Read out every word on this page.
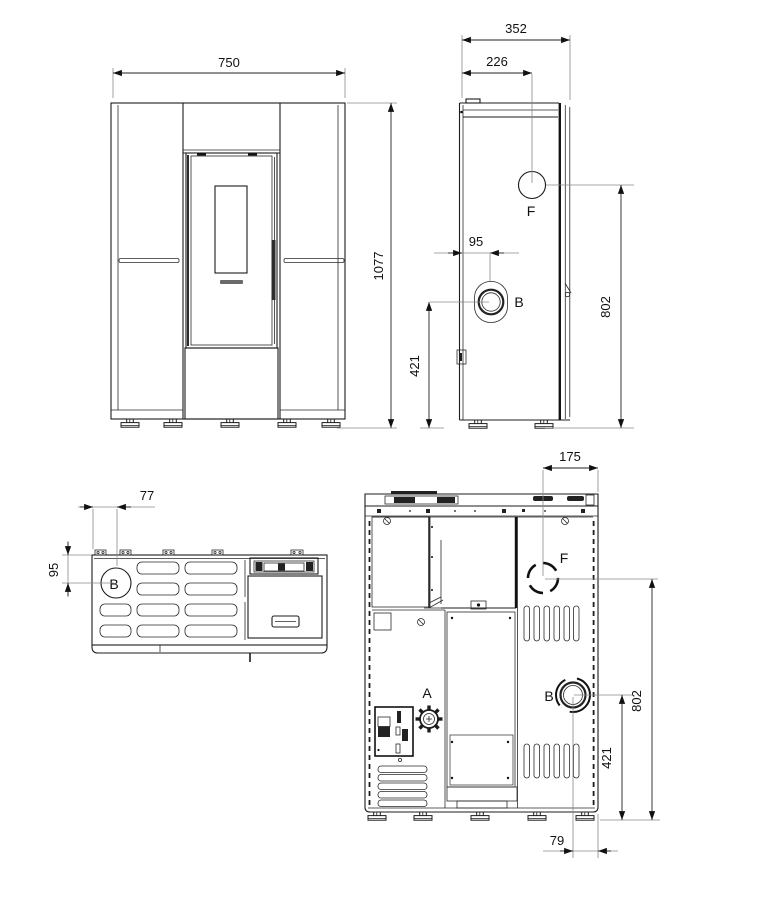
750
1077
F
B
352
226
95
421
802
B
77
95
F
A	B
175
802
421
79
